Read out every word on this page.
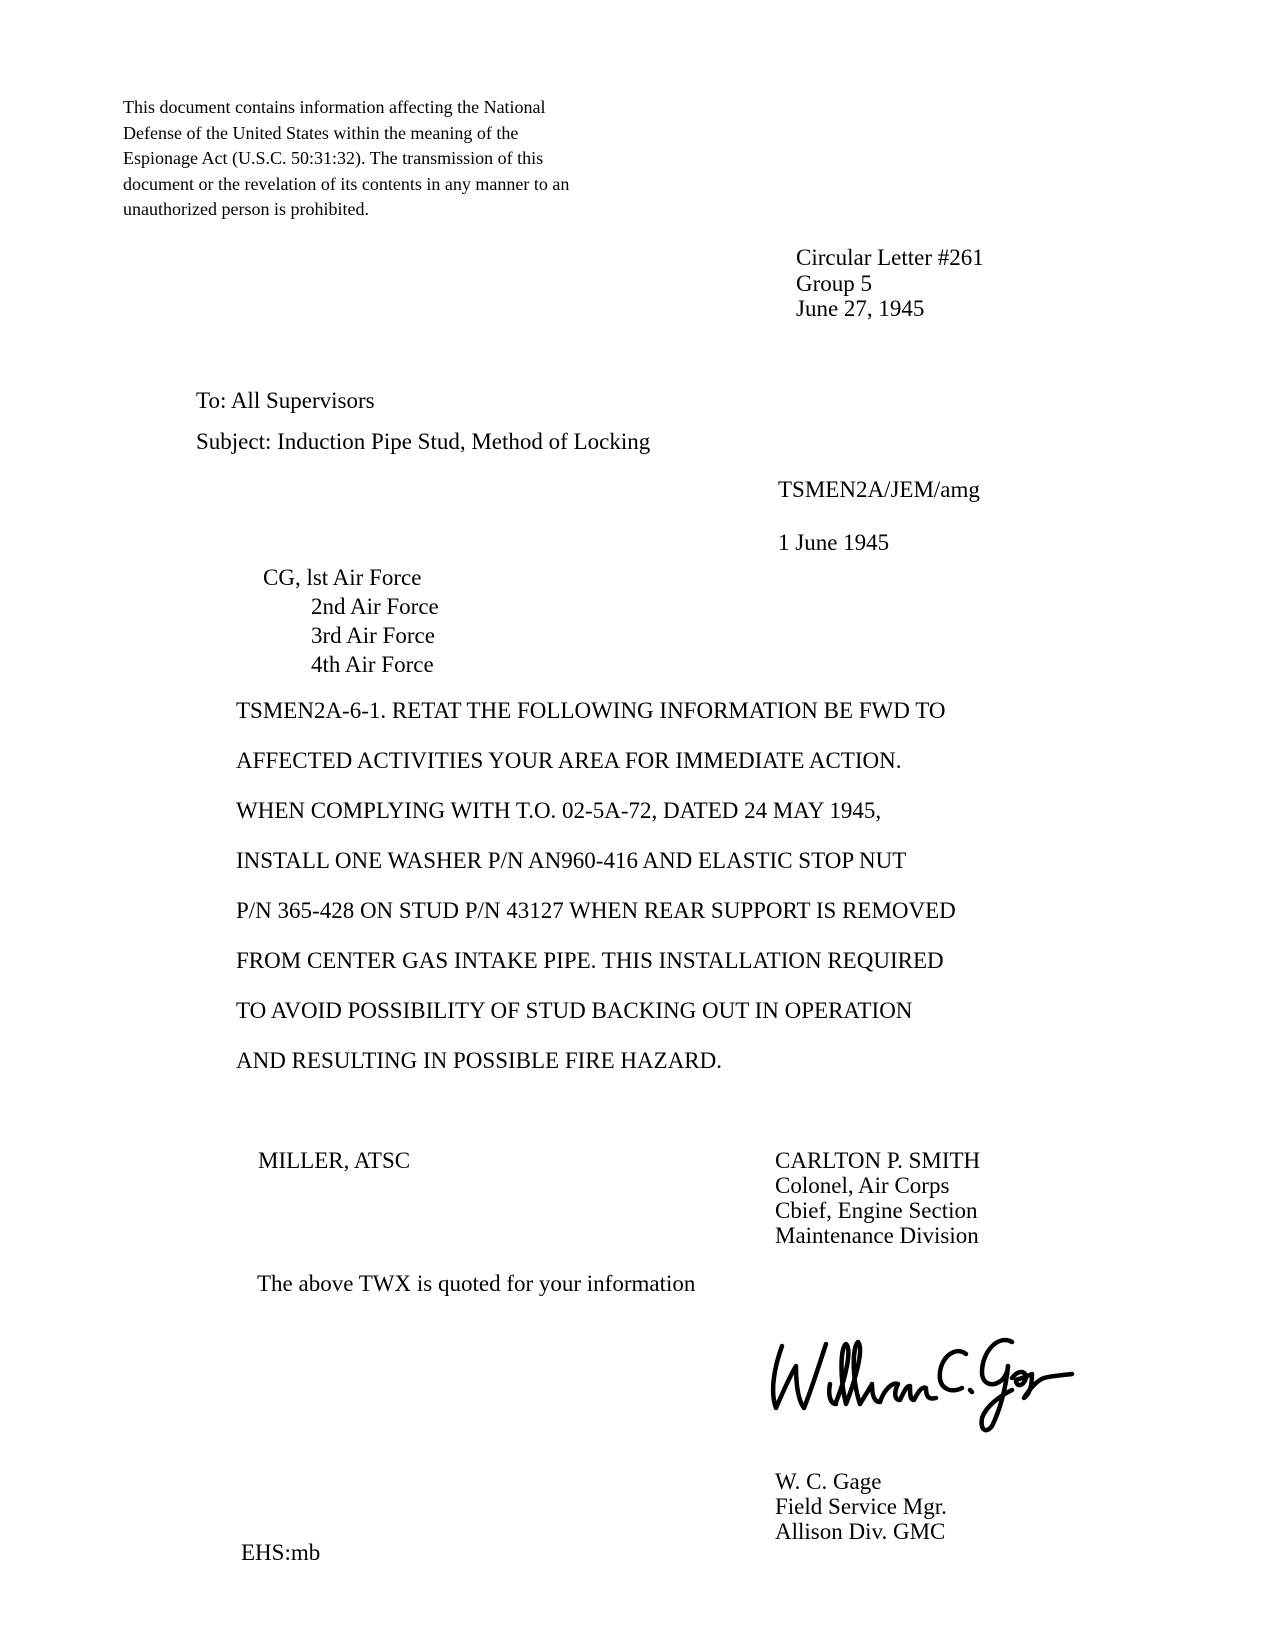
This document contains information affecting the National
Defense of the United States within the meaning of the
Espionage Act (U.S.C. 50:31:32). The transmission of this
document or the revelation of its contents in any manner to an
unauthorized person is prohibited.
Circular Letter #261
Group 5
June 27, 1945
To: All Supervisors
Subject: Induction Pipe Stud, Method of Locking
TSMEN2A/JEM/amg
1 June 1945
CG, lst Air Force
2nd Air Force
3rd Air Force
4th Air Force
TSMEN2A-6-1. RETAT THE FOLLOWING INFORMATION BE FWD TO
AFFECTED ACTIVITIES YOUR AREA FOR IMMEDIATE ACTION.
WHEN COMPLYING WITH T.O. 02-5A-72, DATED 24 MAY 1945,
INSTALL ONE WASHER P/N AN960-416 AND ELASTIC STOP NUT
P/N 365-428 ON STUD P/N 43127 WHEN REAR SUPPORT IS REMOVED
FROM CENTER GAS INTAKE PIPE. THIS INSTALLATION REQUIRED
TO AVOID POSSIBILITY OF STUD BACKING OUT IN OPERATION
AND RESULTING IN POSSIBLE FIRE HAZARD.
MILLER, ATSC	CARLTON P. SMITH
Colonel, Air Corps
Cbief, Engine Section
Maintenance Division
The above TWX is quoted for your information
W. C. Gage
Field Service Mgr.
Allison Div. GMC
EHS:mb
